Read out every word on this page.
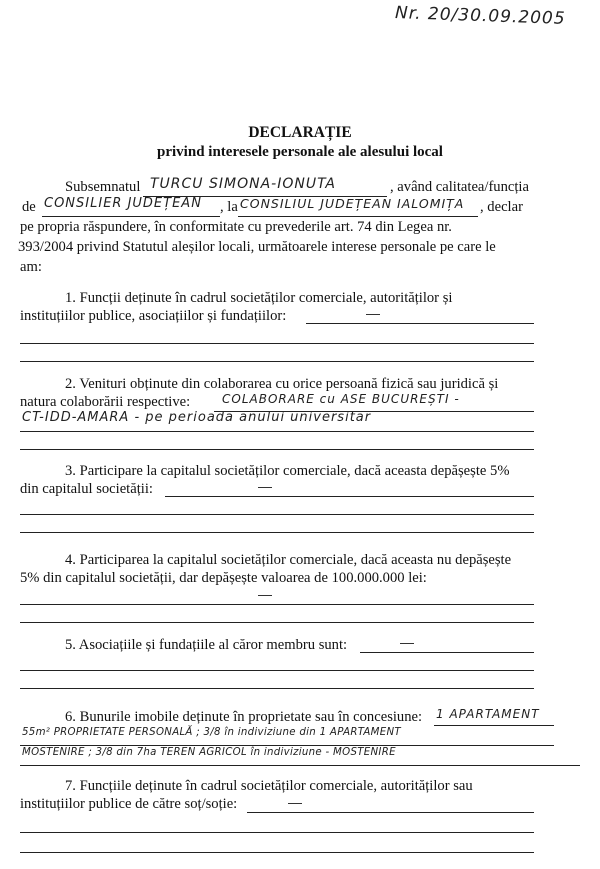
Nr. 20/30.09.2005
DECLARAȚIE
privind interesele personale ale alesului local
Subsemnatul TURCU SIMONA-IONUTA	, având calitatea/funcția
de CONSILIER JUDEȚEAN , la CONSILIUL JUDEȚEAN IALOMIȚA , declar
pe propria răspundere, în conformitate cu prevederile art. 74 din Legea nr.
393/2004 privind Statutul aleșilor locali, următoarele interese personale pe care le
am:
1. Funcții deținute în cadrul societăților comerciale, autorităților și
instituțiilor publice, asociațiilor și fundațiilor:
2. Venituri obținute din colaborarea cu orice persoană fizică sau juridică și
natura colaborării respective:	COLABORARE cu ASE BUCUREȘTI -
CT-IDD-AMARA - pe perioada anului universitar
3. Participare la capitalul societăților comerciale, dacă aceasta depășește 5%
din capitalul societății:
4. Participarea la capitalul societăților comerciale, dacă aceasta nu depășește
5% din capitalul societății, dar depășește valoarea de 100.000.000 lei:
5. Asociațiile și fundațiile al căror membru sunt:
6. Bunurile imobile deținute în proprietate sau în concesiune: 1 APARTAMENT
55m² PROPRIETATE PERSONALĂ ; 3/8 în indiviziune din 1 APARTAMENT
MOSTENIRE ; 3/8 din 7ha TEREN AGRICOL în indiviziune - MOSTENIRE
7. Funcțiile deținute în cadrul societăților comerciale, autorităților sau
instituțiilor publice de către soț/soție:
